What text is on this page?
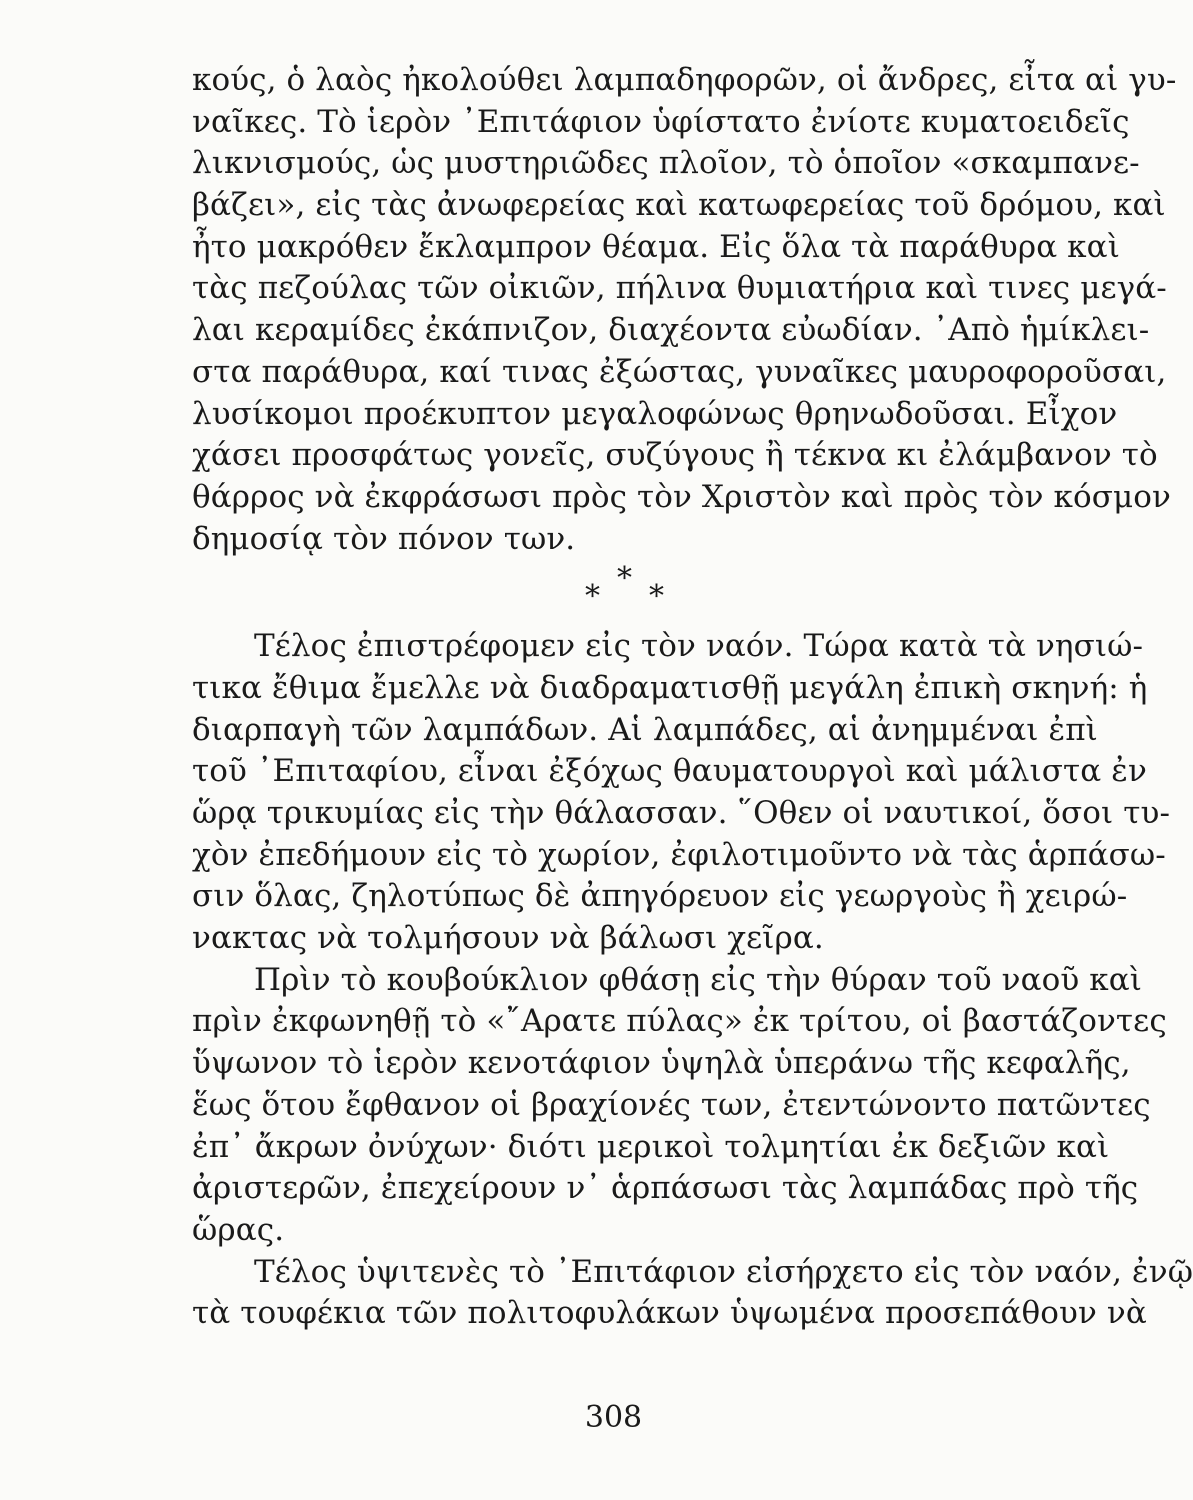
κούς, ὁ λαὸς ἠκολούθει λαμπαδηφορῶν, οἱ ἄνδρες, εἶτα αἱ γυ-
ναῖκες. Τὸ ἱερὸν ᾿Επιτάφιον ὑφίστατο ἐνίοτε κυματοειδεῖς
λικνισμούς, ὡς μυστηριῶδες πλοῖον, τὸ ὁποῖον «σκαμπανε-
βάζει», εἰς τὰς ἀνωφερείας καὶ κατωφερείας τοῦ δρόμου, καὶ
ἦτο μακρόθεν ἔκλαμπρον θέαμα. Εἰς ὅλα τὰ παράθυρα καὶ
τὰς πεζούλας τῶν οἰκιῶν, πήλινα θυμιατήρια καὶ τινες μεγά-
λαι κεραμίδες ἐκάπνιζον, διαχέοντα εὐωδίαν. ᾿Απὸ ἡμίκλει-
στα παράθυρα, καί τινας ἐξώστας, γυναῖκες μαυροφοροῦσαι,
λυσίκομοι προέκυπτον μεγαλοφώνως θρηνωδοῦσαι. Εἶχον
χάσει προσφάτως γονεῖς, συζύγους ἢ τέκνα κι ἐλάμβανον τὸ
θάρρος νὰ ἐκφράσωσι πρὸς τὸν Χριστὸν καὶ πρὸς τὸν κόσμον
δημοσίᾳ τὸν πόνον των.
*
* *
Τέλος ἐπιστρέφομεν εἰς τὸν ναόν. Τώρα κατὰ τὰ νησιώ-
τικα ἔθιμα ἔμελλε νὰ διαδραματισθῇ μεγάλη ἐπικὴ σκηνή: ἡ
διαρπαγὴ τῶν λαμπάδων. Αἱ λαμπάδες, αἱ ἀνημμέναι ἐπὶ
τοῦ ᾿Επιταφίου, εἶναι ἐξόχως θαυματουργοὶ καὶ μάλιστα ἐν
ὥρᾳ τρικυμίας εἰς τὴν θάλασσαν. ῞Οθεν οἱ ναυτικοί, ὅσοι τυ-
χὸν ἐπεδήμουν εἰς τὸ χωρίον, ἐφιλοτιμοῦντο νὰ τὰς ἁρπάσω-
σιν ὅλας, ζηλοτύπως δὲ ἀπηγόρευον εἰς γεωργοὺς ἢ χειρώ-
νακτας νὰ τολμήσουν νὰ βάλωσι χεῖρα.
Πρὶν τὸ κουβούκλιον φθάσῃ εἰς τὴν θύραν τοῦ ναοῦ καὶ
πρὶν ἐκφωνηθῇ τὸ «῎Αρατε πύλας» ἐκ τρίτου, οἱ βαστάζοντες
ὕψωνον τὸ ἱερὸν κενοτάφιον ὑψηλὰ ὑπεράνω τῆς κεφαλῆς,
ἕως ὅτου ἔφθανον οἱ βραχίονές των, ἐτεντώνοντο πατῶντες
ἐπ᾿ ἄκρων ὀνύχων· διότι μερικοὶ τολμητίαι ἐκ δεξιῶν καὶ
ἀριστερῶν, ἐπεχείρουν ν᾿ ἁρπάσωσι τὰς λαμπάδας πρὸ τῆς
ὥρας.
Τέλος ὑψιτενὲς τὸ ᾿Επιτάφιον εἰσήρχετο εἰς τὸν ναόν, ἐνῷ
τὰ τουφέκια τῶν πολιτοφυλάκων ὑψωμένα προσεπάθουν νὰ
308
